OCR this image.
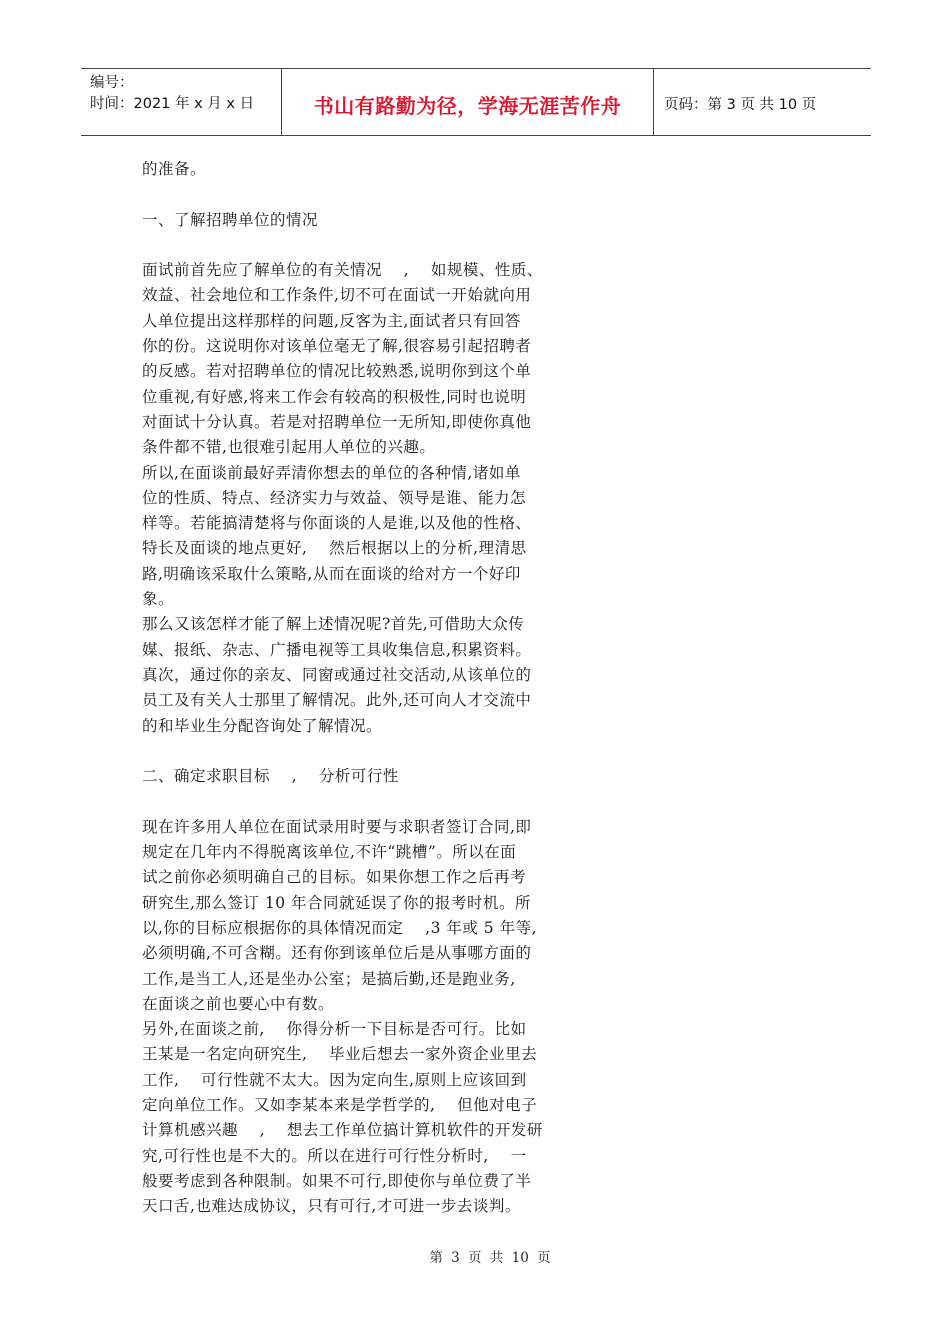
编号：
时间：2021 年 x 月 x 日	书山有路勤为径，学海无涯苦作舟	页码：第 3 页 共 10 页
的准备。
一、了解招聘单位的情况
面试前首先应了解单位的有关情况    ,    如规模、性质、
效益、社会地位和工作条件,切不可在面试一开始就向用
人单位提出这样那样的问题,反客为主,面试者只有回答
你的份。这说明你对该单位毫无了解,很容易引起招聘者
的反感。若对招聘单位的情况比较熟悉,说明你到这个单
位重视,有好感,将来工作会有较高的积极性,同时也说明
对面试十分认真。若是对招聘单位一无所知,即使你真他
条件都不错,也很难引起用人单位的兴趣。
所以,在面谈前最好弄清你想去的单位的各种情,诸如单
位的性质、特点、经济实力与效益、领导是谁、能力怎
样等。若能搞清楚将与你面谈的人是谁,以及他的性格、
特长及面谈的地点更好,    然后根据以上的分析,理清思
路,明确该采取什么策略,从而在面谈的给对方一个好印
象。
那么又该怎样才能了解上述情况呢?首先,可借助大众传
媒、报纸、杂志、广播电视等工具收集信息,积累资料。
真次，通过你的亲友、同窗或通过社交活动,从该单位的
员工及有关人士那里了解情况。此外,还可向人才交流中
的和毕业生分配咨询处了解情况。
二、确定求职目标    ,    分析可行性
现在许多用人单位在面试录用时要与求职者签订合同,即
规定在几年内不得脱离该单位,不许“跳槽”。所以在面
试之前你必须明确自己的目标。如果你想工作之后再考
研究生,那么签订 10 年合同就延误了你的报考时机。所
以,你的目标应根据你的具体情况而定    ,3 年或 5 年等,
必须明确,不可含糊。还有你到该单位后是从事哪方面的
工作,是当工人,还是坐办公室；是搞后勤,还是跑业务,
在面谈之前也要心中有数。
另外,在面谈之前,    你得分析一下目标是否可行。比如
王某是一名定向研究生,    毕业后想去一家外资企业里去
工作,    可行性就不太大。因为定向生,原则上应该回到
定向单位工作。又如李某本来是学哲学的,    但他对电子
计算机感兴趣    ,    想去工作单位搞计算机软件的开发研
究,可行性也是不大的。所以在进行可行性分析时,    一
般要考虑到各种限制。如果不可行,即使你与单位费了半
天口舌,也难达成协议，只有可行,才可进一步去谈判。
第 3 页 共 10 页
